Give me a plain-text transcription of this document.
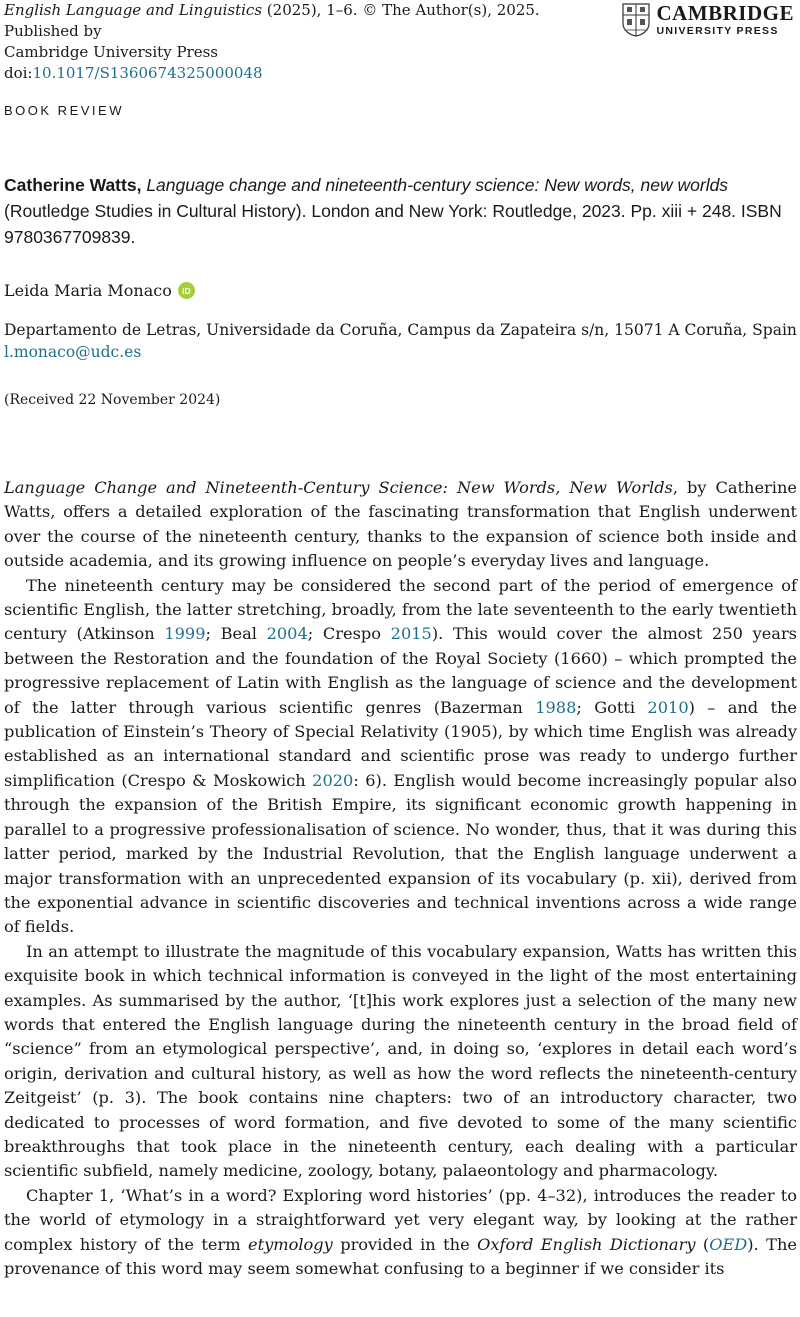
English Language and Linguistics (2025), 1–6. © The Author(s), 2025. Published by
Cambridge University Press
doi:10.1017/S1360674325000048
CAMBRIDGE
UNIVERSITY PRESS
BOOK REVIEW
Catherine Watts, Language change and nineteenth-century science: New words, new worlds (Routledge Studies in Cultural History). London and New York: Routledge, 2023. Pp. xiii + 248. ISBN 9780367709839.
Leida Maria Monaco	iD
Departamento de Letras, Universidade da Coruña, Campus da Zapateira s/n, 15071 A Coruña, Spain
l.monaco@udc.es
(Received 22 November 2024)

Language Change and Nineteenth-Century Science: New Words, New Worlds, by Catherine Watts, offers a detailed exploration of the fascinating transformation that English underwent over the course of the nineteenth century, thanks to the expansion of science both inside and outside academia, and its growing influence on people’s everyday lives and language.

The nineteenth century may be considered the second part of the period of emergence of scientific English, the latter stretching, broadly, from the late seventeenth to the early twentieth century (Atkinson 1999; Beal 2004; Crespo 2015). This would cover the almost 250 years between the Restoration and the foundation of the Royal Society (1660) – which prompted the progressive replacement of Latin with English as the language of science and the development of the latter through various scientific genres (Bazerman 1988; Gotti 2010) – and the publication of Einstein’s Theory of Special Relativity (1905), by which time English was already established as an international standard and scientific prose was ready to undergo further simplification (Crespo & Moskowich 2020: 6). English would become increasingly popular also through the expansion of the British Empire, its significant economic growth happening in parallel to a progressive professionalisation of science. No wonder, thus, that it was during this latter period, marked by the Industrial Revolution, that the English language underwent a major transformation with an unprecedented expansion of its vocabulary (p. xii), derived from the exponential advance in scientific discoveries and technical inventions across a wide range of fields.

In an attempt to illustrate the magnitude of this vocabulary expansion, Watts has written this exquisite book in which technical information is conveyed in the light of the most entertaining examples. As summarised by the author, ‘[t]his work explores just a selection of the many new words that entered the English language during the nineteenth century in the broad field of “science” from an etymological perspective’, and, in doing so, ‘explores in detail each word’s origin, derivation and cultural history, as well as how the word reflects the nineteenth-century Zeitgeist’ (p. 3). The book contains nine chapters: two of an introductory character, two dedicated to processes of word formation, and five devoted to some of the many scientific breakthroughs that took place in the nineteenth century, each dealing with a particular scientific subfield, namely medicine, zoology, botany, palaeontology and pharmacology.

Chapter 1, ‘What’s in a word? Exploring word histories’ (pp. 4–32), introduces the reader to the world of etymology in a straightforward yet very elegant way, by looking at the rather complex history of the term etymology provided in the Oxford English Dictionary (OED). The provenance of this word may seem somewhat confusing to a beginner if we consider its
